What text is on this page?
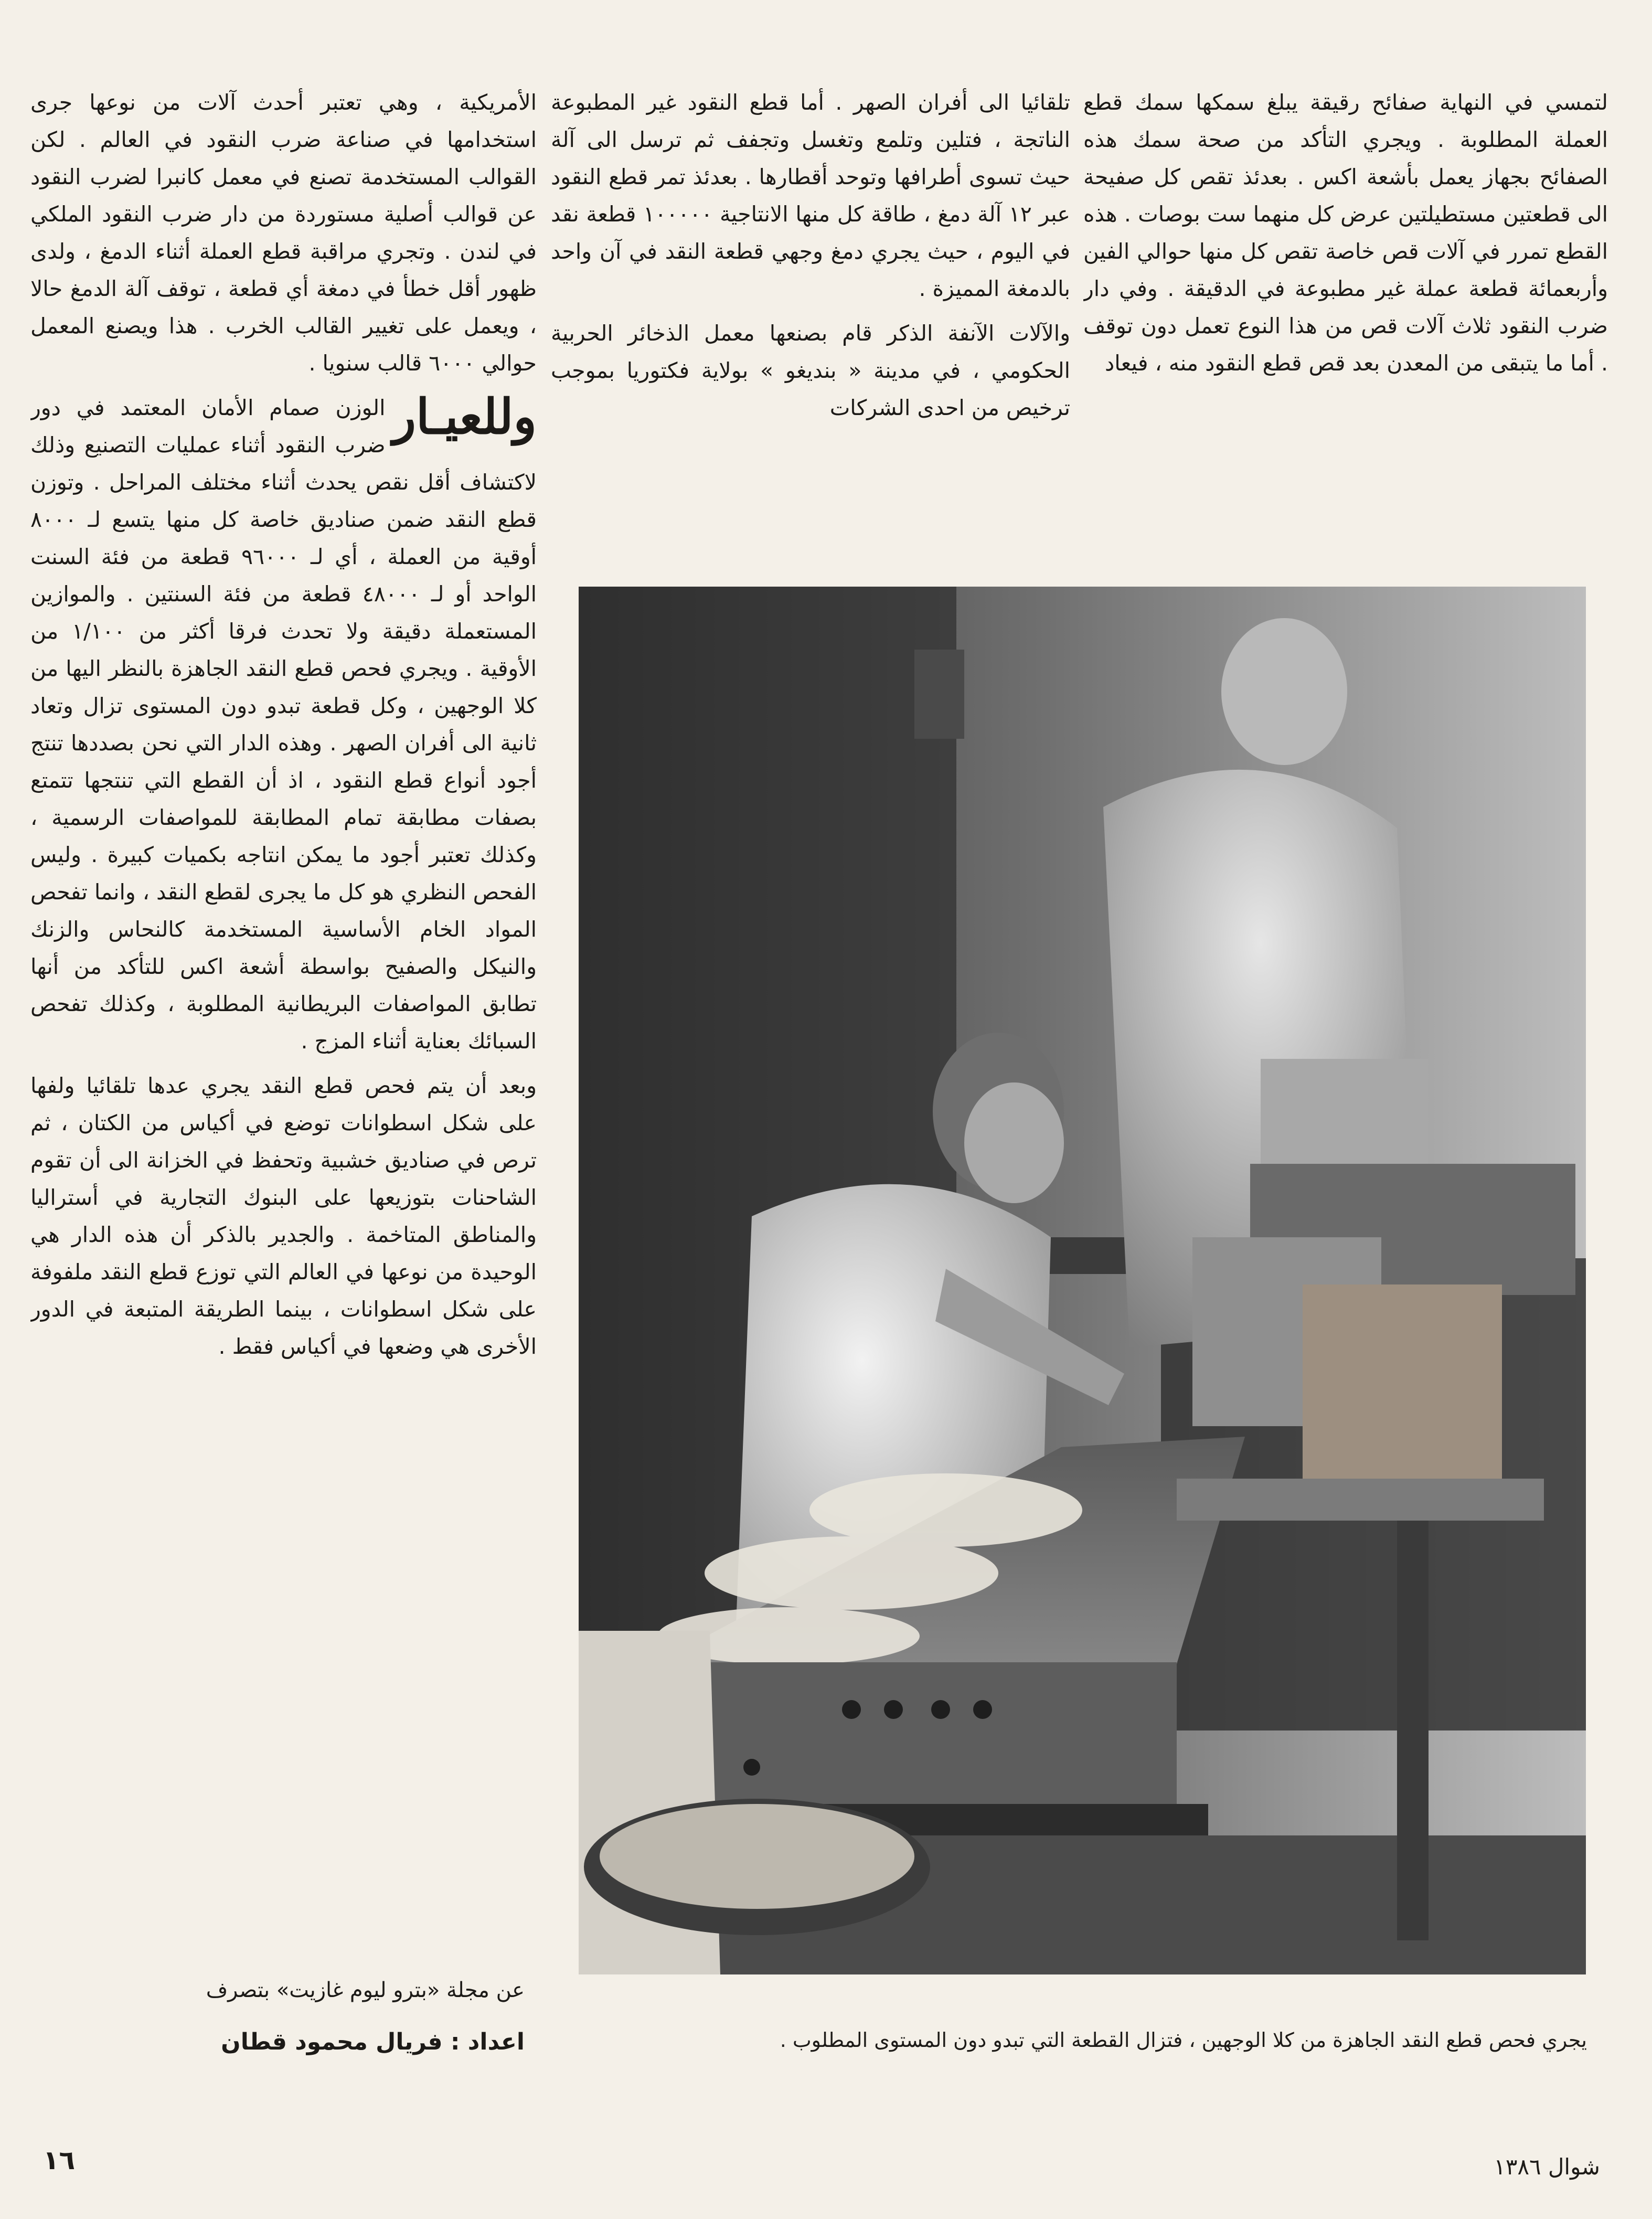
لتمسي في النهاية صفائح رقيقة يبلغ سمكها سمك قطع العملة المطلوبة . ويجري التأكد من صحة سمك هذه الصفائح بجهاز يعمل بأشعة اكس . بعدئذ تقص كل صفيحة الى قطعتين مستطيلتين عرض كل منهما ست بوصات . هذه القطع تمرر في آلات قص خاصة تقص كل منها حوالي الفين وأربعمائة قطعة عملة غير مطبوعة في الدقيقة . وفي دار ضرب النقود ثلاث آلات قص من هذا النوع تعمل دون توقف . أما ما يتبقى من المعدن بعد قص قطع النقود منه ، فيعاد

تلقائيا الى أفران الصهر . أما قطع النقود غير المطبوعة الناتجة ، فتلين وتلمع وتغسل وتجفف ثم ترسل الى آلة حيث تسوى أطرافها وتوحد أقطارها . بعدئذ تمر قطع النقود عبر ١٢ آلة دمغ ، طاقة كل منها الانتاجية ١٠٠٠٠٠ قطعة نقد في اليوم ، حيث يجري دمغ وجهي قطعة النقد في آن واحد بالدمغة المميزة .

والآلات الآنفة الذكر قام بصنعها معمل الذخائر الحربية الحكومي ، في مدينة « بنديغو » بولاية فكتوريا بموجب ترخيص من احدى الشركات

الأمريكية ، وهي تعتبر أحدث آلات من نوعها جرى استخدامها في صناعة ضرب النقود في العالم . لكن القوالب المستخدمة تصنع في معمل كانبرا لضرب النقود عن قوالب أصلية مستوردة من دار ضرب النقود الملكي في لندن . وتجري مراقبة قطع العملة أثناء الدمغ ، ولدى ظهور أقل خطأ في دمغة أي قطعة ، توقف آلة الدمغ حالا ، ويعمل على تغيير القالب الخرب . هذا ويصنع المعمل حوالي ٦٠٠٠ قالب سنويا .

وللعيـار
الوزن صمام الأمان المعتمد في دور ضرب النقود أثناء عمليات التصنيع وذلك لاكتشاف أقل نقص يحدث أثناء مختلف المراحل . وتوزن قطع النقد ضمن صناديق خاصة كل منها يتسع لـ ٨٠٠٠ أوقية من العملة ، أي لـ ٩٦٠٠٠ قطعة من فئة السنت الواحد أو لـ ٤٨٠٠٠ قطعة من فئة السنتين . والموازين المستعملة دقيقة ولا تحدث فرقا أكثر من ١/١٠٠ من الأوقية . ويجري فحص قطع النقد الجاهزة بالنظر اليها من كلا الوجهين ، وكل قطعة تبدو دون المستوى تزال وتعاد ثانية الى أفران الصهر . وهذه الدار التي نحن بصددها تنتج أجود أنواع قطع النقود ، اذ أن القطع التي تنتجها تتمتع بصفات مطابقة تمام المطابقة للمواصفات الرسمية ، وكذلك تعتبر أجود ما يمكن انتاجه بكميات كبيرة . وليس الفحص النظري هو كل ما يجرى لقطع النقد ، وانما تفحص المواد الخام الأساسية المستخدمة كالنحاس والزنك والنيكل والصفيح بواسطة أشعة اكس للتأكد من أنها تطابق المواصفات البريطانية المطلوبة ، وكذلك تفحص السبائك بعناية أثناء المزج .

وبعد أن يتم فحص قطع النقد يجري عدها تلقائيا ولفها على شكل اسطوانات توضع في أكياس من الكتان ، ثم ترص في صناديق خشبية وتحفظ في الخزانة الى أن تقوم الشاحنات بتوزيعها على البنوك التجارية في أستراليا والمناطق المتاخمة . والجدير بالذكر أن هذه الدار هي الوحيدة من نوعها في العالم التي توزع قطع النقد ملفوفة على شكل اسطوانات ، بينما الطريقة المتبعة في الدور الأخرى هي وضعها في أكياس فقط .

يجري فحص قطع النقد الجاهزة من كلا الوجهين ، فتزال القطعة التي تبدو دون المستوى المطلوب .
عن مجلة «بترو ليوم غازيت» بتصرف
اعداد : فريال محمود قطان
١٦	شوال ١٣٨٦
